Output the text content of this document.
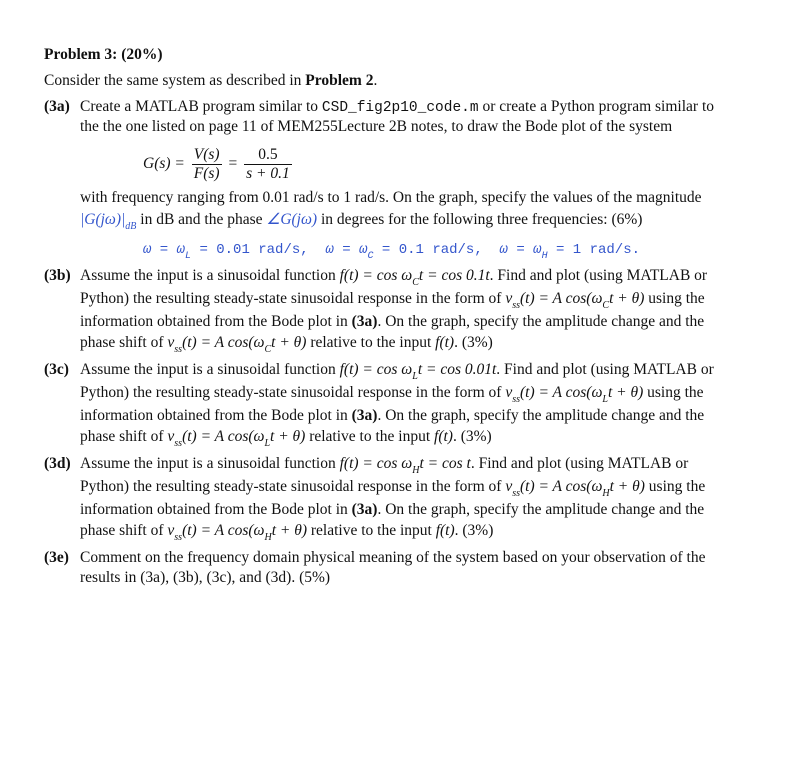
Problem 3: (20%)
Consider the same system as described in Problem 2.
(3a) Create a MATLAB program similar to CSD_fig2p10_code.m or create a Python program similar to
the the one listed on page 11 of MEM255Lecture 2B notes, to draw the Bode plot of the system
$G(s) = \frac{V(s)}{F(s)} = \frac{0.5}{s + 0.1}$
with frequency ranging from 0.01 rad/s to 1 rad/s. On the graph, specify the values of the magnitude
$|G(j\omega)|_{dB}$ in dB and the phase ∠G(jω) in degrees for the following three frequencies: (6%)
$\omega = \omega_L = 0.01$ rad/s, $\omega = \omega_C = 0.1$ rad/s, $\omega = \omega_H = 1$ rad/s.
(3b) Assume the input is a sinusoidal function $f(t) = \cos \omega_Ct = \cos 0.1t$. Find and plot (using MATLAB or
Python) the resulting steady-state sinusoidal response in the form of $v_{ss}(t) = A$ $\cos(\omega_Ct + \theta)$ using the
information obtained from the Bode plot in (3a). On the graph, specify the amplitude change and the
phase shift of $v_{ss}(t) = A$ $\cos(\omega_Ct + \theta)$ relative to the input f(t). (3%)
(3c) Assume the input is a sinusoidal function $f(t) = \cos \omega_Lt = \cos 0.01t$. Find and plot (using MATLAB or
Python) the resulting steady-state sinusoidal response in the form of $v_{ss}(t) = A$ $\cos(\omega_Lt + \theta)$ using the
information obtained from the Bode plot in (3a). On the graph, specify the amplitude change and the
phase shift of $v_{ss}(t) = A$ $\cos(\omega_Lt + \theta)$ relative to the input f(t). (3%)
(3d) Assume the input is a sinusoidal function $f(t) = \cos \omega_Ht = \cos t$. Find and plot (using MATLAB or
Python) the resulting steady-state sinusoidal response in the form of $v_{ss}(t) = A$ $\cos(\omega_Ht + \theta)$ using the
information obtained from the Bode plot in (3a). On the graph, specify the amplitude change and the
phase shift of $v_{ss}(t) = A$ $\cos(\omega_Ht + \theta)$ relative to the input f(t). (3%)
(3e) Comment on the frequency domain physical meaning of the system based on your observation of the
results in (3a), (3b), (3c), and (3d). (5%)
